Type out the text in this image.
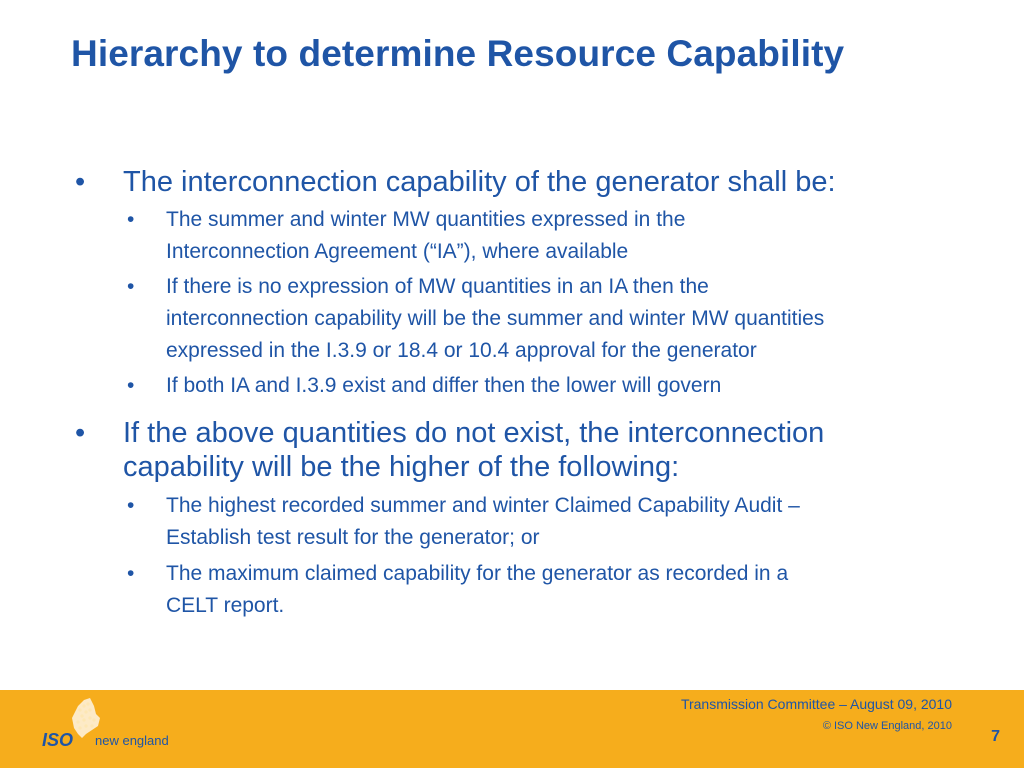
Hierarchy to determine Resource Capability
• The interconnection capability of the generator shall be:
• The summer and winter MW quantities expressed in the
Interconnection Agreement (“IA”), where available
• If there is no expression of MW quantities in an IA then the
interconnection capability will be the summer and winter MW quantities
expressed in the I.3.9 or 18.4 or 10.4 approval for the generator
• If both IA and I.3.9 exist and differ then the lower will govern
• If the above quantities do not exist, the interconnection
capability will be the higher of the following:
• The highest recorded summer and winter Claimed Capability Audit –
Establish test result for the generator; or
• The maximum claimed capability for the generator as recorded in a
CELT report.
ISO new england
Transmission Committee – August 09, 2010
© ISO New England, 2010
7
